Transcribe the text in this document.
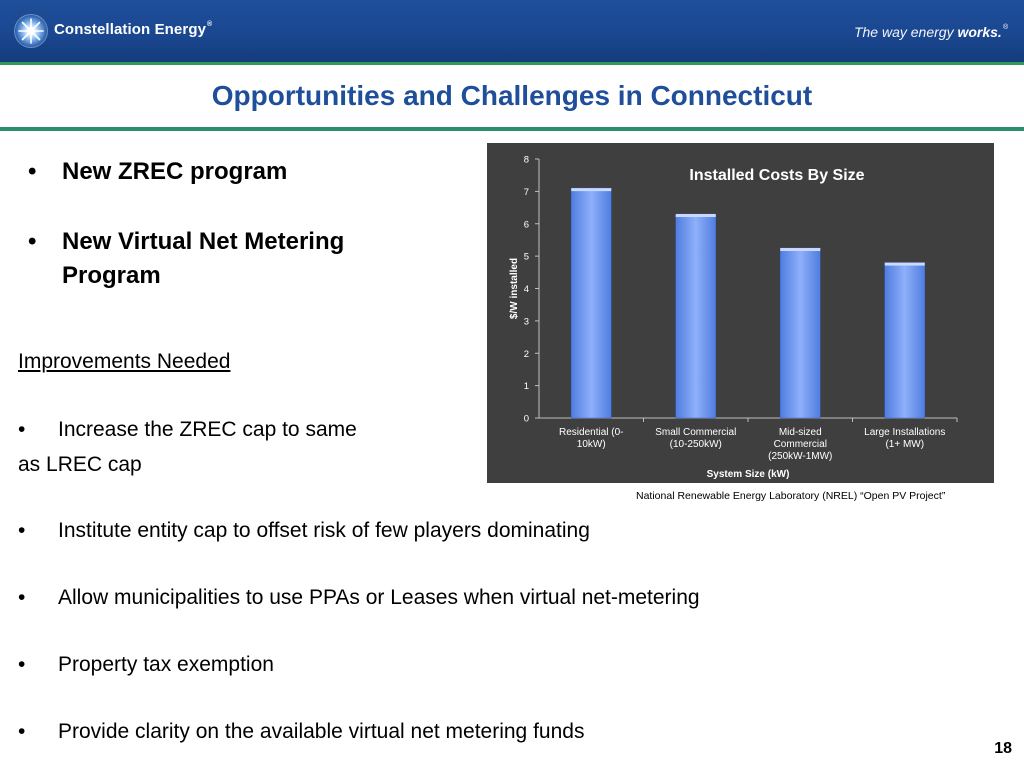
Constellation Energy®	The way energy works.®
Opportunities and Challenges in Connecticut
• New ZREC program
• New Virtual Net Metering
Program
Improvements Needed
• Increase the ZREC cap to same
as LREC cap
• Institute entity cap to offset risk of few players dominating
• Allow municipalities to use PPAs or Leases when virtual net-metering
• Property tax exemption
• Provide clarity on the available virtual net metering funds
0
1
2
3
4
5
6
7
8
$/W installed
Residential (0-
10kW)
Small Commercial
(10-250kW)
Mid-sized
Commercial
(250kW-1MW)
Large Installations
(1+ MW)
System Size (kW)
Installed Costs By Size
National Renewable Energy Laboratory (NREL) “Open PV Project”
18
